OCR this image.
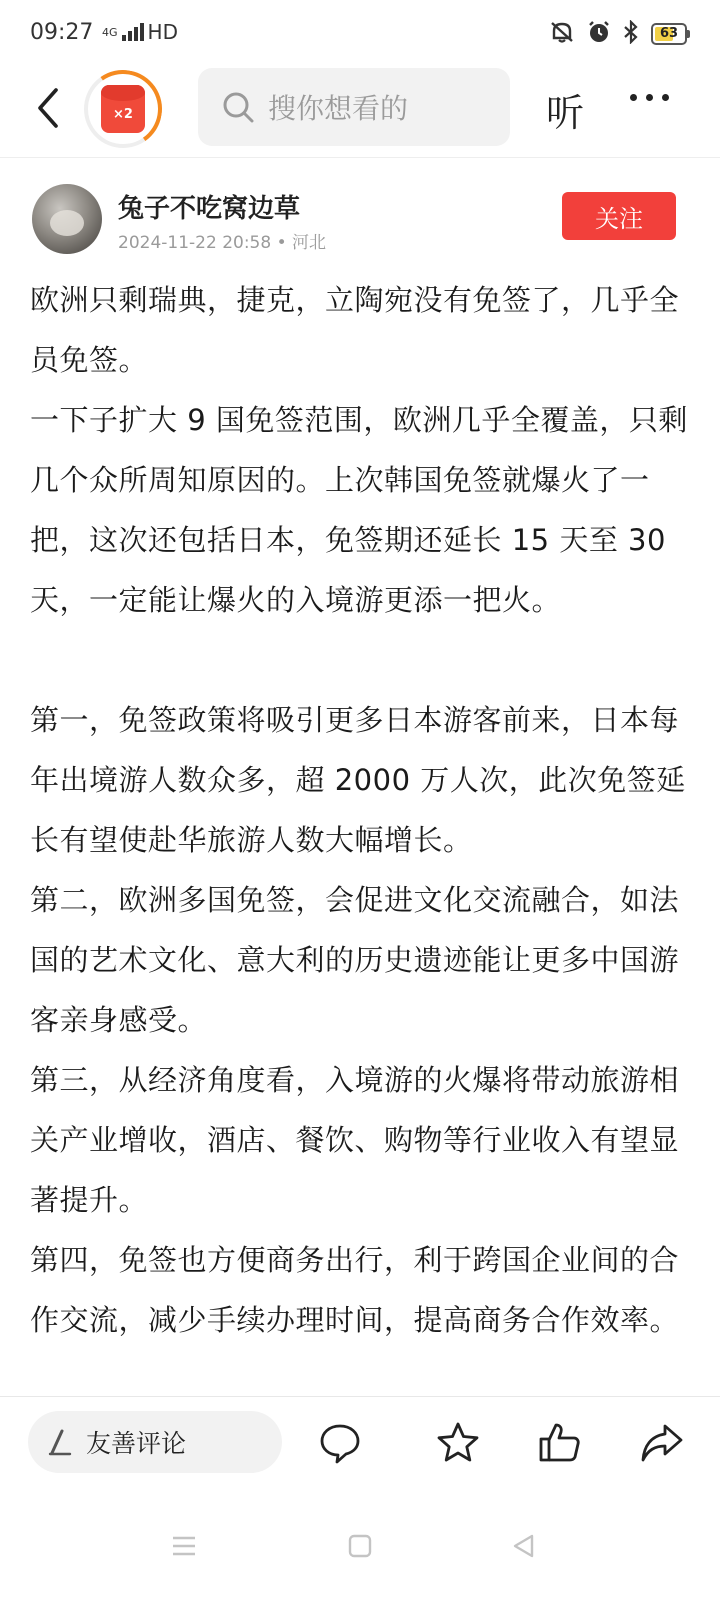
09:27 4G HD	63
×2	搜你想看的	听
兔子不吃窝边草
2024-11-22 20:58 • 河北
关注

欧洲只剩瑞典，捷克，立陶宛没有免签了，几乎全员免签。

一下子扩大 9 国免签范围，欧洲几乎全覆盖，只剩几个众所周知原因的。上次韩国免签就爆火了一把，这次还包括日本，免签期还延长 15 天至 30 天，一定能让爆火的入境游更添一把火。

第一，免签政策将吸引更多日本游客前来，日本每年出境游人数众多，超 2000 万人次，此次免签延长有望使赴华旅游人数大幅增长。

第二，欧洲多国免签，会促进文化交流融合，如法国的艺术文化、意大利的历史遗迹能让更多中国游客亲身感受。

第三，从经济角度看，入境游的火爆将带动旅游相关产业增收，酒店、餐饮、购物等行业收入有望显著提升。

第四，免签也方便商务出行，利于跨国企业间的合作交流，减少手续办理时间，提高商务合作效率。

友善评论
